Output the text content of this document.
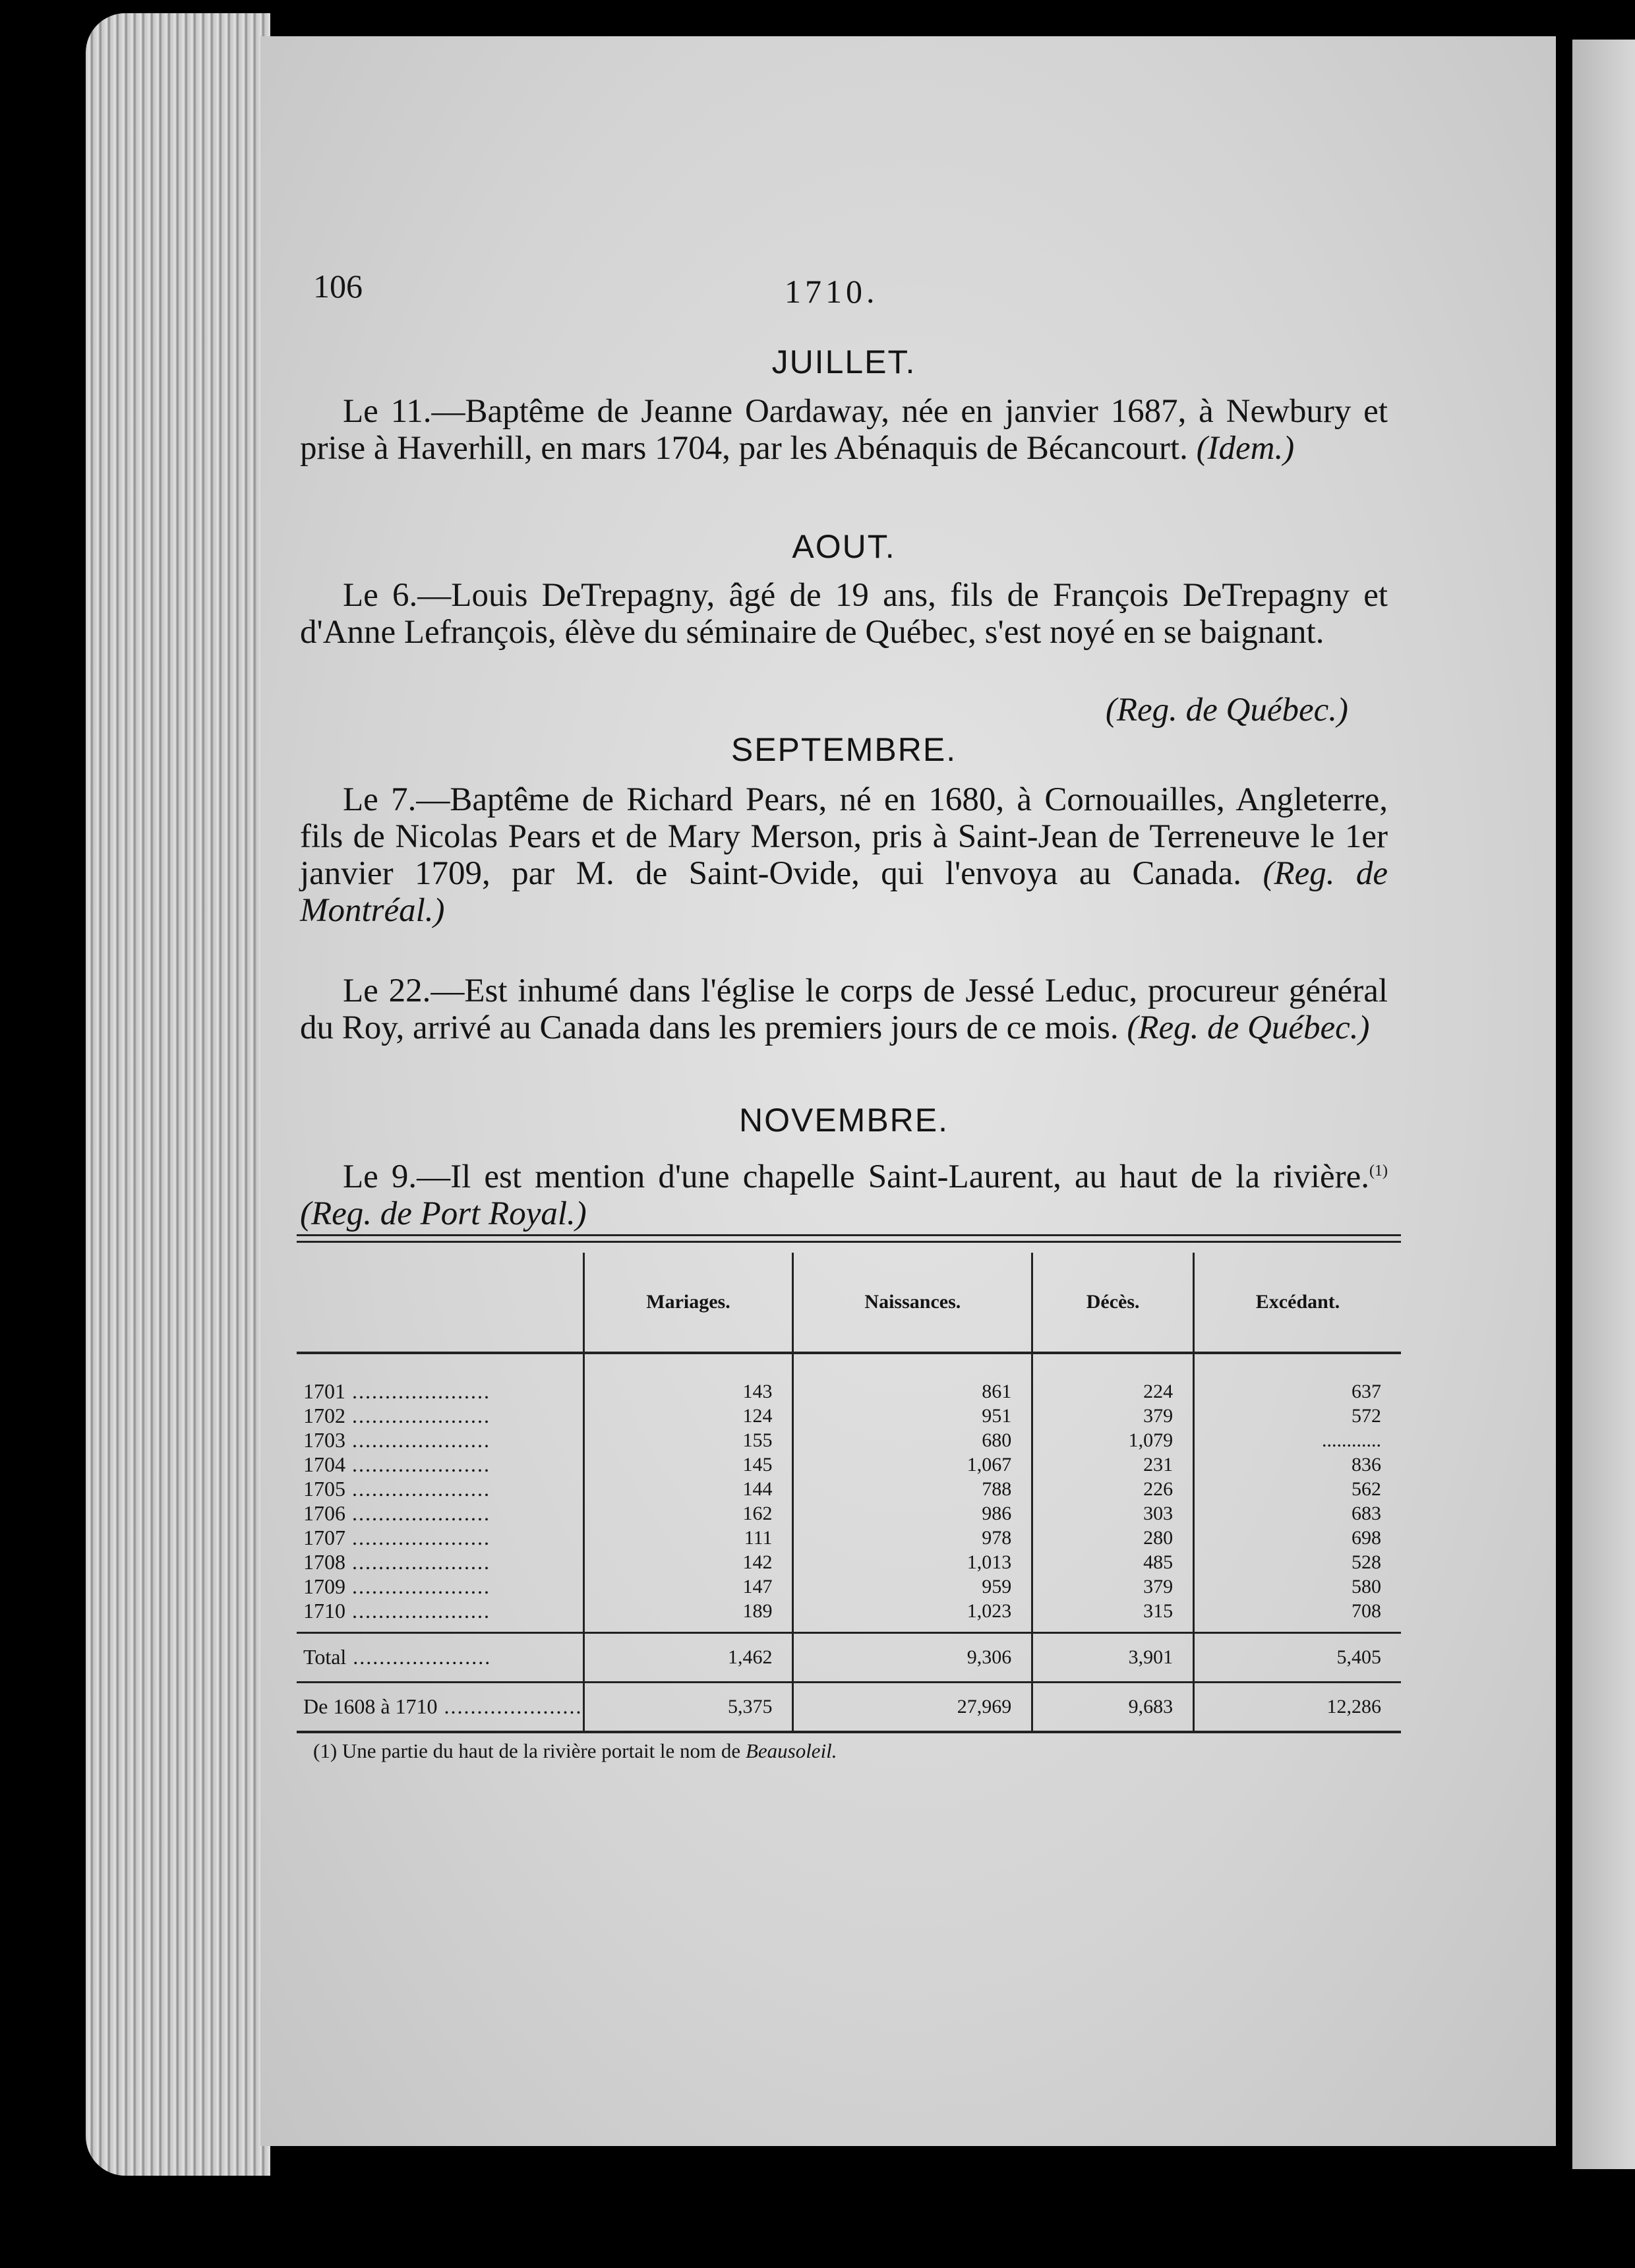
106	1710.
JUILLET.
Le 11.—Baptême de Jeanne Oardaway, née en janvier 1687, à Newbury et prise à Haverhill, en mars 1704, par les Abénaquis de Bécancourt. (Idem.)
AOUT.
Le 6.—Louis DeTrepagny, âgé de 19 ans, fils de François DeTrepagny et d'Anne Lefrançois, élève du séminaire de Québec, s'est noyé en se baignant.
(Reg. de Québec.)
SEPTEMBRE.
Le 7.—Baptême de Richard Pears, né en 1680, à Cornouailles, Angleterre, fils de Nicolas Pears et de Mary Merson, pris à Saint-Jean de Terreneuve le 1er janvier 1709, par M. de Saint-Ovide, qui l'envoya au Canada. (Reg. de Montréal.)
Le 22.—Est inhumé dans l'église le corps de Jessé Leduc, procureur général du Roy, arrivé au Canada dans les premiers jours de ce mois. (Reg. de Québec.)
NOVEMBRE.
Le 9.—Il est mention d'une chapelle Saint-Laurent, au haut de la rivière.$^{(1)}$ (Reg. de Port Royal.)
	Mariages.	Naissances.	Décès.	Excédant.

1701 .....	143	861	224	637
1702 .....	124	951	379	572
1703 .....	155	680	1,079	............
1704 .....	145	1,067	231	836
1705 .....	144	788	226	562
1706 .....	162	986	303	683
1707 .....	111	978	280	698
1708 .....	142	1,013	485	528
1709 .....	147	959	379	580
1710 .....	189	1,023	315	708

Total .....	1,462	9,306	3,901	5,405
De 1608 à 1710 .....	5,375	27,969	9,683	12,286
(1) Une partie du haut de la rivière portait le nom de Beausoleil.
